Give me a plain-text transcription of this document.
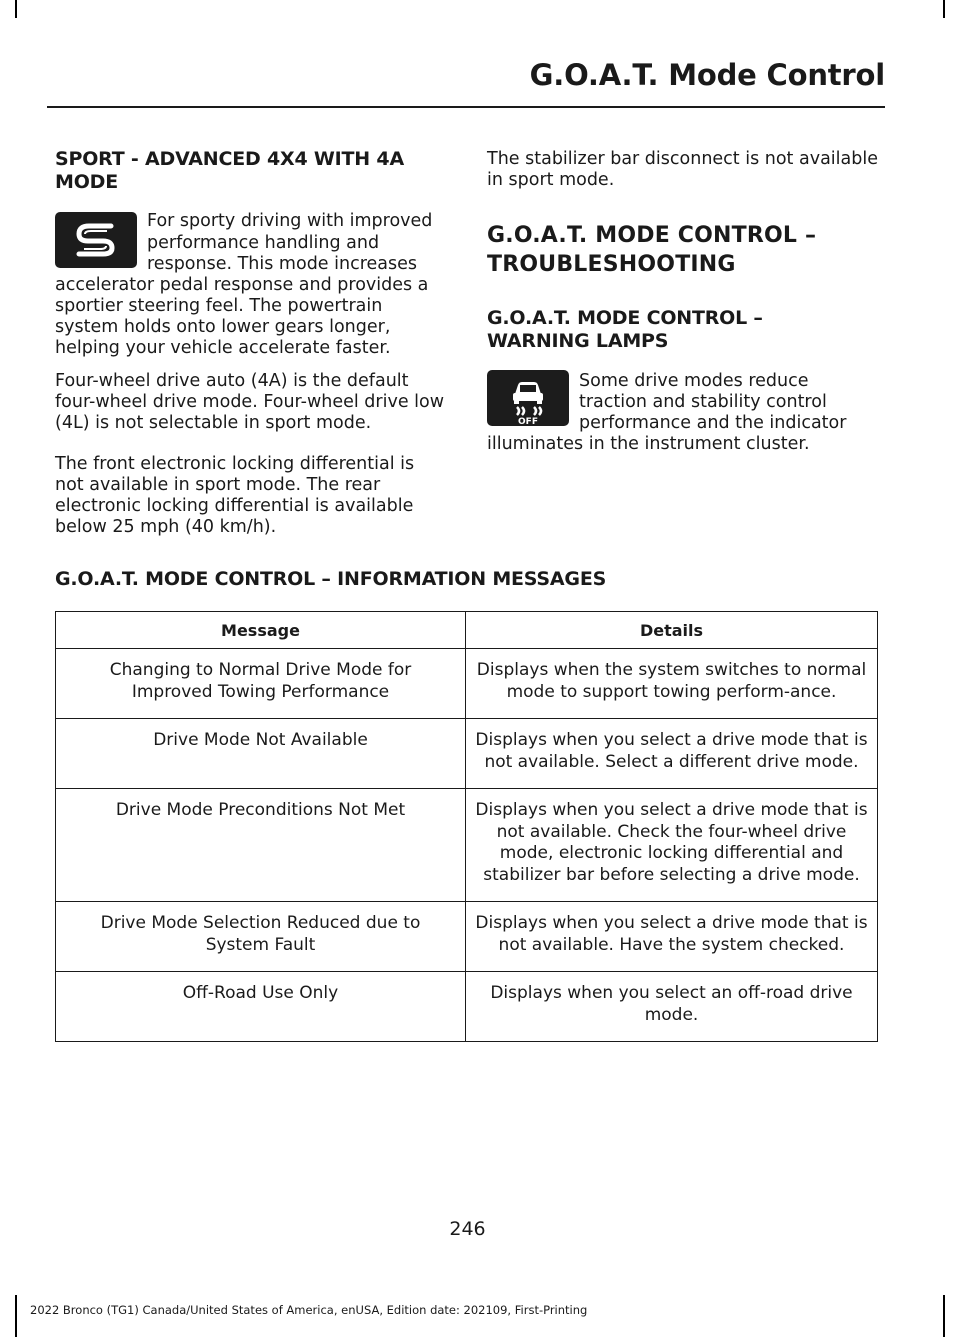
G.O.A.T. Mode Control
SPORT - ADVANCED 4X4 WITH 4A MODE
For sporty driving with improved
performance handling and
response. This mode increases

accelerator pedal response and provides a sportier steering feel. The powertrain system holds onto lower gears longer, helping your vehicle accelerate faster.

Four-wheel drive auto (4A) is the default four-wheel drive mode. Four-wheel drive low (4L) is not selectable in sport mode.

The front electronic locking differential is not available in sport mode. The rear electronic locking differential is available below 25 mph (40 km/h).

The stabilizer bar disconnect is not available in sport mode.

G.O.A.T. MODE CONTROL –
TROUBLESHOOTING
G.O.A.T. MODE CONTROL – WARNING LAMPS
OFF
Some drive modes reduce
traction and stability control
performance and the indicator
illuminates in the instrument cluster.
G.O.A.T. MODE CONTROL – INFORMATION MESSAGES
Message	Details
Changing to Normal Drive Mode for Improved Towing Performance	Displays when the system switches to normal mode to support towing perform-ance.
Drive Mode Not Available	Displays when you select a drive mode that is not available. Select a different drive mode.
Drive Mode Preconditions Not Met	Displays when you select a drive mode that is not available. Check the four-wheel drive mode, electronic locking differential and stabilizer bar before selecting a drive mode.
Drive Mode Selection Reduced due to System Fault	Displays when you select a drive mode that is not available. Have the system checked.
Off-Road Use Only	Displays when you select an off-road drive mode.
246
2022 Bronco (TG1) Canada/United States of America, enUSA, Edition date: 202109, First-Printing
